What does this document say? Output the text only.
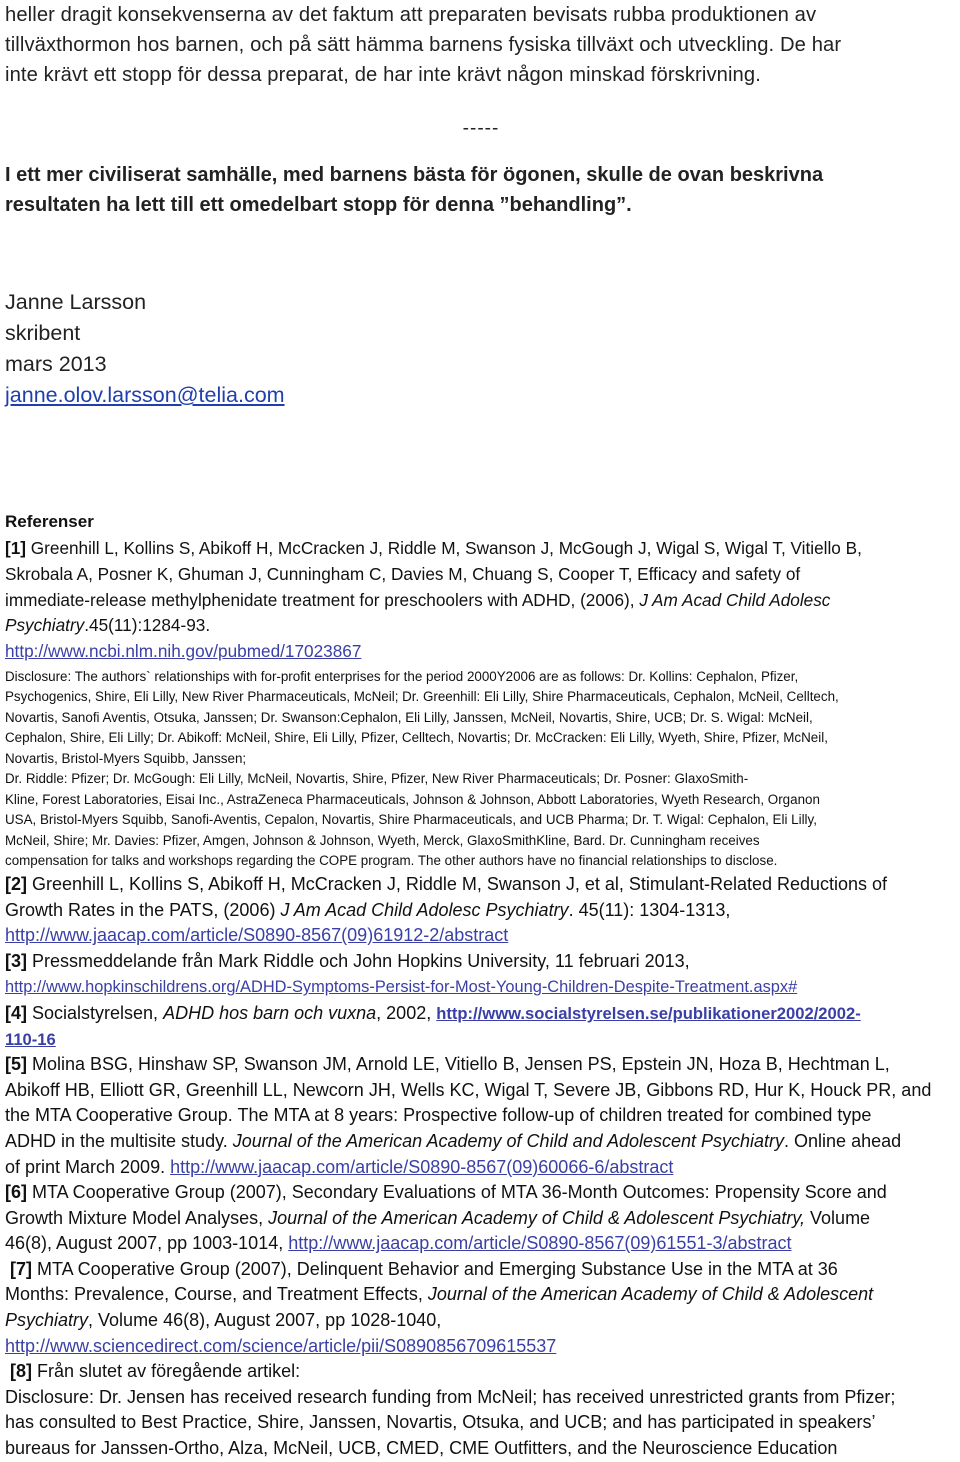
heller dragit konsekvenserna av det faktum att preparaten bevisats rubba produktionen av
tillväxthormon hos barnen, och på sätt hämma barnens fysiska tillväxt och utveckling. De har
inte krävt ett stopp för dessa preparat, de har inte krävt någon minskad förskrivning.
-----
I ett mer civiliserat samhälle, med barnens bästa för ögonen, skulle de ovan beskrivna
resultaten ha lett till ett omedelbart stopp för denna ”behandling”.
Janne Larsson
skribent
mars 2013
janne.olov.larsson@telia.com
Referenser
[1] Greenhill L, Kollins S, Abikoff H, McCracken J, Riddle M, Swanson J, McGough J, Wigal S, Wigal T, Vitiello B,
Skrobala A, Posner K, Ghuman J, Cunningham C, Davies M, Chuang S, Cooper T, Efficacy and safety of
immediate-release methylphenidate treatment for preschoolers with ADHD, (2006), J Am Acad Child Adolesc
Psychiatry.45(11):1284-93.
http://www.ncbi.nlm.nih.gov/pubmed/17023867
Disclosure: The authors` relationships with for-profit enterprises for the period 2000Y2006 are as follows: Dr. Kollins: Cephalon, Pfizer,
Psychogenics, Shire, Eli Lilly, New River Pharmaceuticals, McNeil; Dr. Greenhill: Eli Lilly, Shire Pharmaceuticals, Cephalon, McNeil, Celltech,
Novartis, Sanofi Aventis, Otsuka, Janssen; Dr. Swanson:Cephalon, Eli Lilly, Janssen, McNeil, Novartis, Shire, UCB; Dr. S. Wigal: McNeil,
Cephalon, Shire, Eli Lilly; Dr. Abikoff: McNeil, Shire, Eli Lilly, Pfizer, Celltech, Novartis; Dr. McCracken: Eli Lilly, Wyeth, Shire, Pfizer, McNeil,
Novartis, Bristol-Myers Squibb, Janssen;
Dr. Riddle: Pfizer; Dr. McGough: Eli Lilly, McNeil, Novartis, Shire, Pfizer, New River Pharmaceuticals; Dr. Posner: GlaxoSmith-
Kline, Forest Laboratories, Eisai Inc., AstraZeneca Pharmaceuticals, Johnson & Johnson, Abbott Laboratories, Wyeth Research, Organon
USA, Bristol-Myers Squibb, Sanofi-Aventis, Cepalon, Novartis, Shire Pharmaceuticals, and UCB Pharma; Dr. T. Wigal: Cephalon, Eli Lilly,
McNeil, Shire; Mr. Davies: Pfizer, Amgen, Johnson & Johnson, Wyeth, Merck, GlaxoSmithKline, Bard. Dr. Cunningham receives
compensation for talks and workshops regarding the COPE program. The other authors have no financial relationships to disclose.
[2] Greenhill L, Kollins S, Abikoff H, McCracken J, Riddle M, Swanson J, et al, Stimulant-Related Reductions of
Growth Rates in the PATS, (2006) J Am Acad Child Adolesc Psychiatry. 45(11): 1304-1313,
http://www.jaacap.com/article/S0890-8567(09)61912-2/abstract
[3] Pressmeddelande från Mark Riddle och John Hopkins University, 11 februari 2013,
http://www.hopkinschildrens.org/ADHD-Symptoms-Persist-for-Most-Young-Children-Despite-Treatment.aspx#
[4] Socialstyrelsen, ADHD hos barn och vuxna, 2002, http://www.socialstyrelsen.se/publikationer2002/2002-
110-16
[5] Molina BSG, Hinshaw SP, Swanson JM, Arnold LE, Vitiello B, Jensen PS, Epstein JN, Hoza B, Hechtman L,
Abikoff HB, Elliott GR, Greenhill LL, Newcorn JH, Wells KC, Wigal T, Severe JB, Gibbons RD, Hur K, Houck PR, and
the MTA Cooperative Group. The MTA at 8 years: Prospective follow-up of children treated for combined type
ADHD in the multisite study. Journal of the American Academy of Child and Adolescent Psychiatry. Online ahead
of print March 2009. http://www.jaacap.com/article/S0890-8567(09)60066-6/abstract
[6] MTA Cooperative Group (2007), Secondary Evaluations of MTA 36-Month Outcomes: Propensity Score and
Growth Mixture Model Analyses, Journal of the American Academy of Child & Adolescent Psychiatry, Volume
46(8), August 2007, pp 1003-1014, http://www.jaacap.com/article/S0890-8567(09)61551-3/abstract
[7] MTA Cooperative Group (2007), Delinquent Behavior and Emerging Substance Use in the MTA at 36
Months: Prevalence, Course, and Treatment Effects, Journal of the American Academy of Child & Adolescent
Psychiatry, Volume 46(8), August 2007, pp 1028-1040,
http://www.sciencedirect.com/science/article/pii/S0890856709615537
[8] Från slutet av föregående artikel:
Disclosure: Dr. Jensen has received research funding from McNeil; has received unrestricted grants from Pfizer;
has consulted to Best Practice, Shire, Janssen, Novartis, Otsuka, and UCB; and has participated in speakers’
bureaus for Janssen-Ortho, Alza, McNeil, UCB, CMED, CME Outfitters, and the Neuroscience Education
